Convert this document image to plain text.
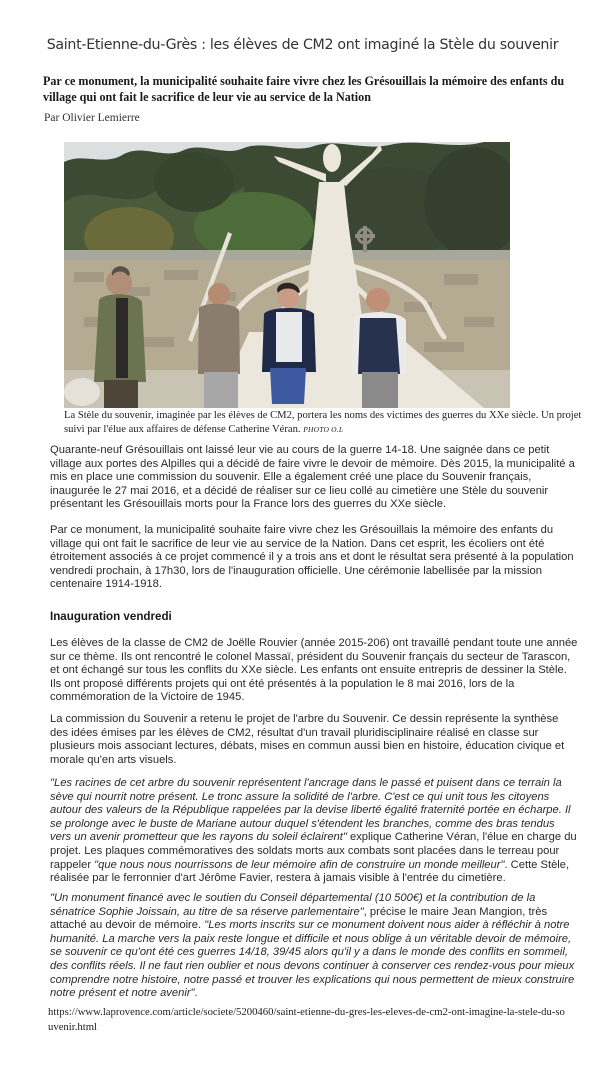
Saint-Etienne-du-Grès : les élèves de CM2 ont imaginé la Stèle du souvenir
Par ce monument, la municipalité souhaite faire vivre chez les Grésouillais la mémoire des enfants du village qui ont fait le sacrifice de leur vie au service de la Nation
Par Olivier Lemierre
La Stèle du souvenir, imaginée par les élèves de CM2, portera les noms des victimes des guerres du XXe siècle. Un projet suivi par l'élue aux affaires de défense Catherine Véran. PHOTO O.L
Quarante-neuf Grésouillais ont laissé leur vie au cours de la guerre 14-18. Une saignée dans ce petit village aux portes des Alpilles qui a décidé de faire vivre le devoir de mémoire. Dès 2015, la municipalité a mis en place une commission du souvenir. Elle a également créé une place du Souvenir français, inaugurée le 27 mai 2016, et a décidé de réaliser sur ce lieu collé au cimetière une Stèle du souvenir présentant les Grésouillais morts pour la France lors des guerres du XXe siècle.
Par ce monument, la municipalité souhaite faire vivre chez les Grésouillais la mémoire des enfants du village qui ont fait le sacrifice de leur vie au service de la Nation. Dans cet esprit, les écoliers ont été étroitement associés à ce projet commencé il y a trois ans et dont le résultat sera présenté à la population vendredi prochain, à 17h30, lors de l'inauguration officielle. Une cérémonie labellisée par la mission centenaire 1914-1918.
Inauguration vendredi
Les élèves de la classe de CM2 de Joëlle Rouvier (année 2015-206) ont travaillé pendant toute une année sur ce thème. Ils ont rencontré le colonel Massaï, président du Souvenir français du secteur de Tarascon, et ont échangé sur tous les conflits du XXe siècle. Les enfants ont ensuite entrepris de dessiner la Stèle. Ils ont proposé différents projets qui ont été présentés à la population le 8 mai 2016, lors de la commémoration de la Victoire de 1945.
La commission du Souvenir a retenu le projet de l'arbre du Souvenir. Ce dessin représente la synthèse des idées émises par les élèves de CM2, résultat d'un travail pluridisciplinaire réalisé en classe sur plusieurs mois associant lectures, débats, mises en commun aussi bien en histoire, éducation civique et morale qu'en arts visuels.
"Les racines de cet arbre du souvenir représentent l'ancrage dans le passé et puisent dans ce terrain la sève qui nourrit notre présent. Le tronc assure la solidité de l'arbre. C'est ce qui unit tous les citoyens autour des valeurs de la République rappelées par la devise liberté égalité fraternité portée en écharpe. Il se prolonge avec le buste de Mariane autour duquel s'étendent les branches, comme des bras tendus vers un avenir prometteur que les rayons du soleil éclairent" explique Catherine Véran, l'élue en charge du projet. Les plaques commémoratives des soldats morts aux combats sont placées dans le terreau pour rappeler "que nous nous nourrissons de leur mémoire afin de construire un monde meilleur". Cette Stèle, réalisée par le ferronnier d'art Jérôme Favier, restera à jamais visible à l'entrée du cimetière.
"Un monument financé avec le soutien du Conseil départemental (10 500€) et la contribution de la sénatrice Sophie Joissain, au titre de sa réserve parlementaire", précise le maire Jean Mangion, très attaché au devoir de mémoire. "Les morts inscrits sur ce monument doivent nous aider à réfléchir à notre humanité. La marche vers la paix reste longue et difficile et nous oblige à un véritable devoir de mémoire, se souvenir ce qu'ont été ces guerres 14/18, 39/45 alors qu'il y a dans le monde des conflits en sommeil, des conflits réels. Il ne faut rien oublier et nous devons continuer à conserver ces rendez-vous pour mieux comprendre notre histoire, notre passé et trouver les explications qui nous permettent de mieux construire notre présent et notre avenir".
https://www.laprovence.com/article/societe/5200460/saint-etienne-du-gres-les-eleves-de-cm2-ont-imagine-la-stele-du-souvenir.html
